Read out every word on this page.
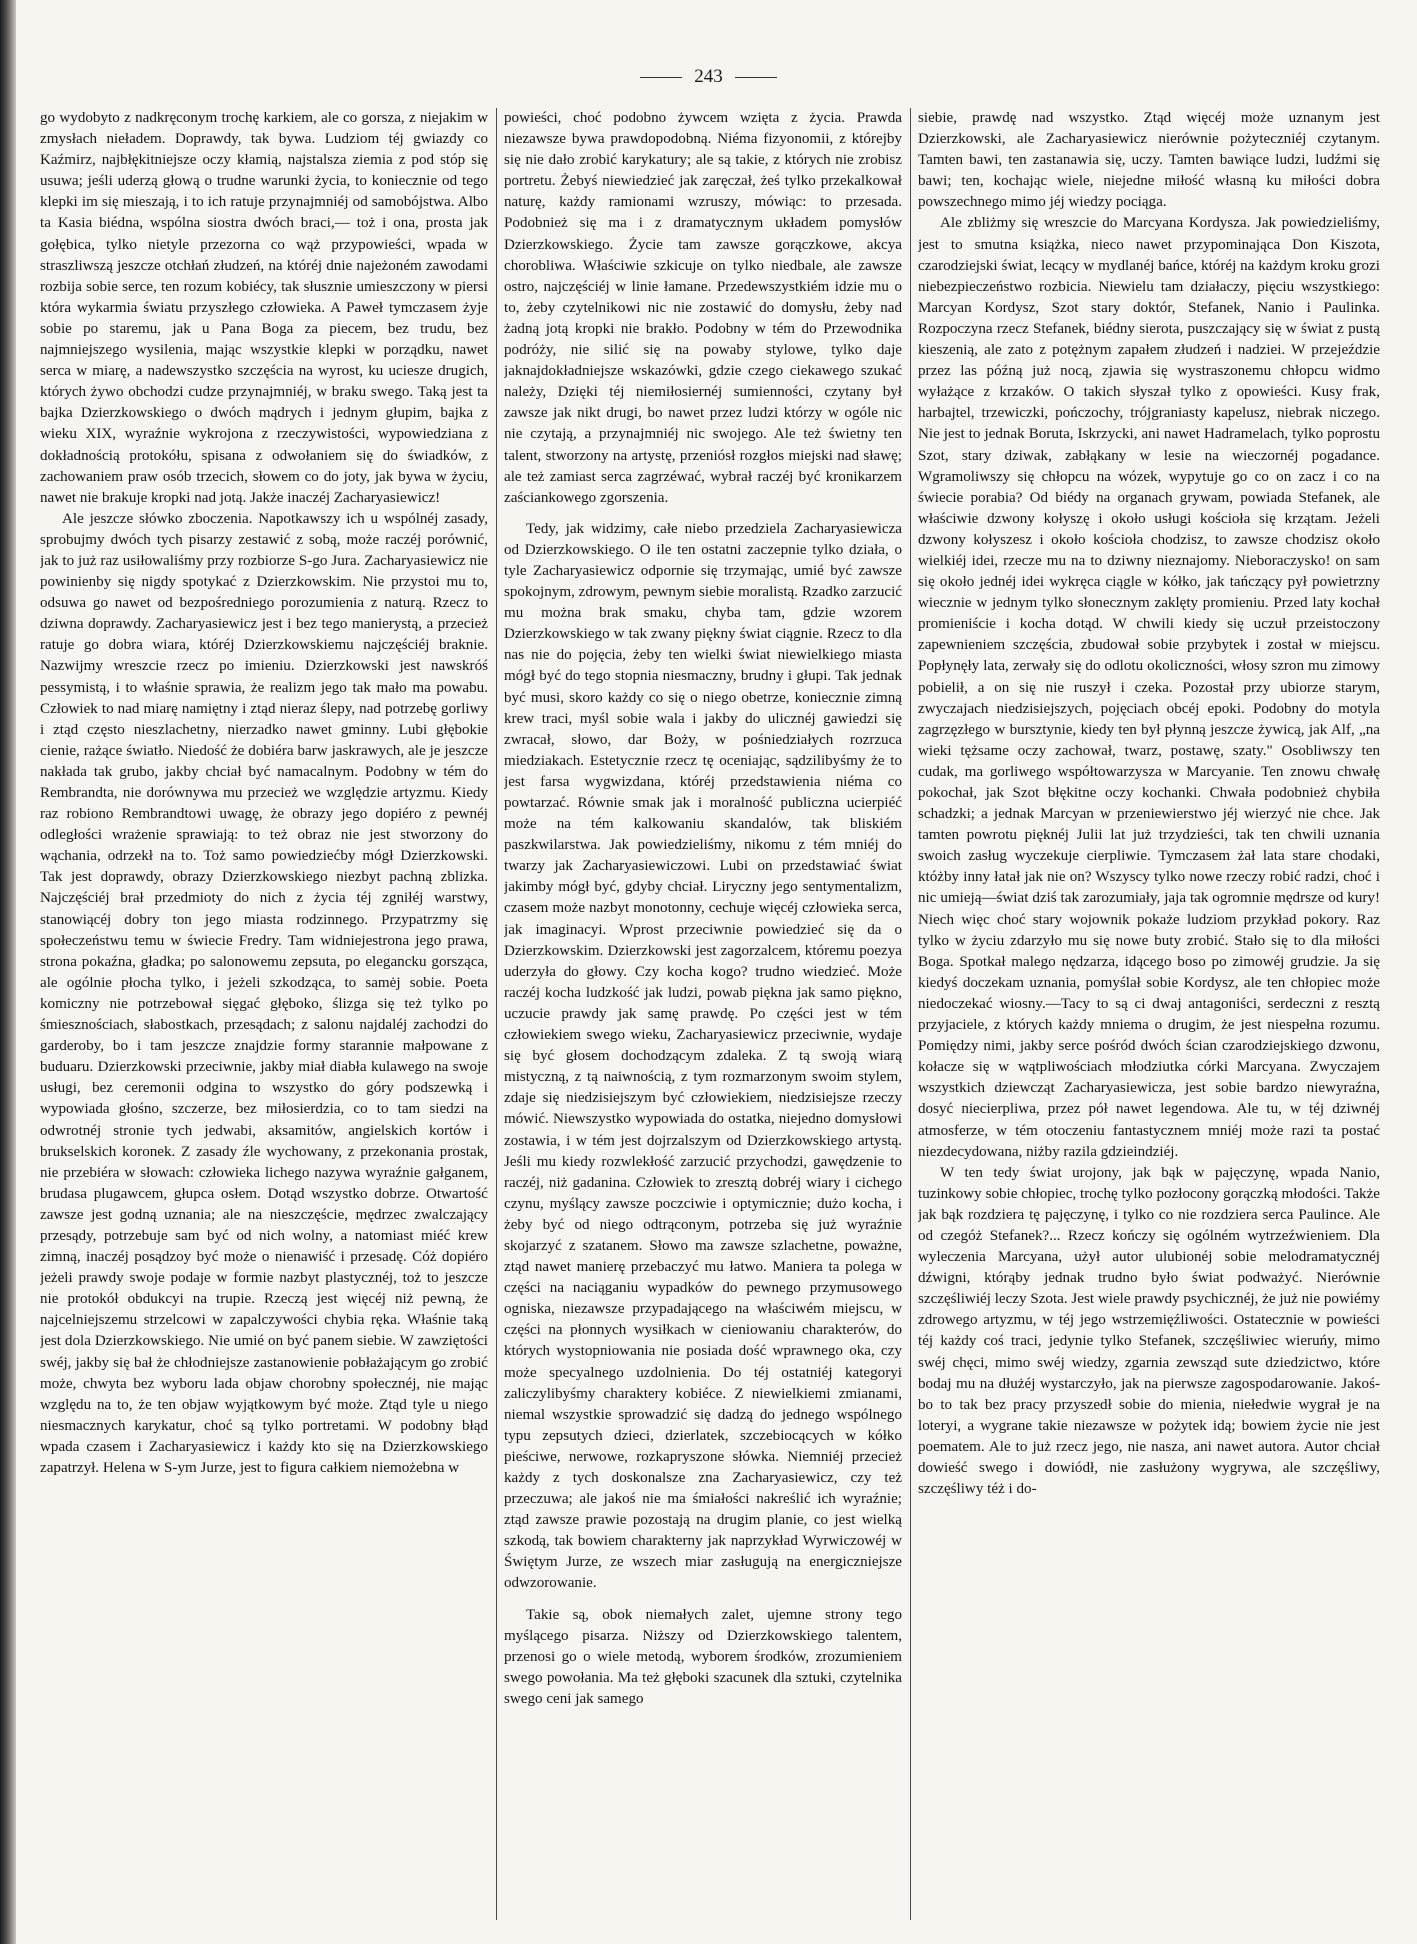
243

go wydobyto z nadkręconym trochę karkiem, ale co gorsza, z niejakim w zmysłach nieładem. Doprawdy, tak bywa. Ludziom téj gwiazdy co Kaźmirz, najbłękitniejsze oczy kłamią, najstalsza ziemia z pod stóp się usuwa; jeśli uderzą głową o trudne warunki życia, to koniecznie od tego klepki im się mieszają, i to ich ratuje przynajmniéj od samobójstwa. Albo ta Kasia biédna, wspólna siostra dwóch braci,— toż i ona, prosta jak gołębica, tylko nietyle przezorna co wąż przypowieści, wpada w straszliwszą jeszcze otchłań złudzeń, na któréj dnie najeżoném zawodami rozbija sobie serce, ten rozum kobiécy, tak słusznie umieszczony w piersi która wykarmia światu przyszłego człowieka. A Paweł tymczasem żyje sobie po staremu, jak u Pana Boga za piecem, bez trudu, bez najmniejszego wysilenia, mając wszystkie klepki w porządku, nawet serca w miarę, a nadewszystko szczęścia na wyrost, ku uciesze drugich, których żywo obchodzi cudze przynajmniéj, w braku swego. Taką jest ta bajka Dzierzkowskiego o dwóch mądrych i jednym głupim, bajka z wieku XIX, wyraźnie wykrojona z rzeczywistości, wypowiedziana z dokładnością protokółu, spisana z odwołaniem się do świadków, z zachowaniem praw osób trzecich, słowem co do joty, jak bywa w życiu, nawet nie brakuje kropki nad jotą. Jakże inaczéj Zacharyasiewicz!

Ale jeszcze słówko zboczenia. Napotkawszy ich u wspólnéj zasady, sprobujmy dwóch tych pisarzy zestawić z sobą, może raczéj porównić, jak to już raz usiłowaliśmy przy rozbiorze S-go Jura. Zacharyasiewicz nie powinienby się nigdy spotykać z Dzierzkowskim. Nie przystoi mu to, odsuwa go nawet od bezpośredniego porozumienia z naturą. Rzecz to dziwna doprawdy. Zacharyasiewicz jest i bez tego manierystą, a przecież ratuje go dobra wiara, któréj Dzierzkowskiemu najczęściéj braknie. Nazwijmy wreszcie rzecz po imieniu. Dzierzkowski jest nawskróś pessymistą, i to właśnie sprawia, że realizm jego tak mało ma powabu. Człowiek to nad miarę namiętny i ztąd nieraz ślepy, nad potrzebę gorliwy i ztąd często nieszlachetny, nierzadko nawet gminny. Lubi głębokie cienie, rażące światło. Niedość że dobiéra barw jaskrawych, ale je jeszcze nakłada tak grubo, jakby chciał być namacalnym. Podobny w tém do Rembrandta, nie dorównywa mu przecież we względzie artyzmu. Kiedy raz robiono Rembrandtowi uwagę, że obrazy jego dopiéro z pewnéj odległości wrażenie sprawiają: to też obraz nie jest stworzony do wąchania, odrzekł na to. Toż samo powiedziećby mógł Dzierzkowski. Tak jest doprawdy, obrazy Dzierzkowskiego niezbyt pachną zblizka. Najczęściéj brał przedmioty do nich z życia téj zgniłéj warstwy, stanowiącéj dobry ton jego miasta rodzinnego. Przypatrzmy się społeczeństwu temu w świecie Fredry. Tam widniejestrona jego prawa, strona pokaźna, gładka; po salonowemu zepsuta, po elegancku gorsząca, ale ogólnie płocha tylko, i jeżeli szkodząca, to samėj sobie. Poeta komiczny nie potrzebował sięgać głęboko, ślizga się też tylko po śmiesznościach, słabostkach, przesądach; z salonu najdaléj zachodzi do garderoby, bo i tam jeszcze znajdzie formy starannie małpowane z buduaru. Dzierzkowski przeciwnie, jakby miał diabła kulawego na swoje usługi, bez ceremonii odgina to wszystko do góry podszewką i wypowiada głośno, szczerze, bez miłosierdzia, co to tam siedzi na odwrotnéj stronie tych jedwabi, aksamitów, angielskich kortów i brukselskich koronek. Z zasady źle wychowany, z przekonania prostak, nie przebiéra w słowach: człowieka lichego nazywa wyraźnie gałganem, brudasa plugawcem, głupca osłem. Dotąd wszystko dobrze. Otwartość zawsze jest godną uznania; ale na nieszczęście, mędrzec zwalczający przesądy, potrzebuje sam być od nich wolny, a natomiast miéć krew zimną, inaczéj posądzoy być może o nienawiść i przesadę. Cóż dopiéro jeżeli prawdy swoje podaje w formie nazbyt plastycznéj, toż to jeszcze nie protokół obdukcyi na trupie. Rzeczą jest więcéj niż pewną, że najcelniejszemu strzelcowi w zapalczywości chybia ręka. Właśnie taką jest dola Dzierzkowskiego. Nie umié on być panem siebie. W zawziętości swéj, jakby się bał że chłodniejsze zastanowienie pobłażającym go zrobić może, chwyta bez wyboru lada objaw chorobny społecznéj, nie mając względu na to, że ten objaw wyjątkowym być może. Ztąd tyle u niego niesmacznych karykatur, choć są tylko portretami. W podobny błąd wpada czasem i Zacharyasiewicz i każdy kto się na Dzierzkowskiego zapatrzył. Helena w S-ym Jurze, jest to figura całkiem niemożebna w

powieści, choć podobno żywcem wzięta z życia. Prawda niezawsze bywa prawdopodobną. Niéma fizyonomii, z którejby się nie dało zrobić karykatury; ale są takie, z których nie zrobisz portretu. Żebyś niewiedzieć jak zaręczał, żeś tylko przekalkował naturę, każdy ramionami wzruszy, mówiąc: to przesada. Podobnież się ma i z dramatycznym układem pomysłów Dzierzkowskiego. Życie tam zawsze gorączkowe, akcya chorobliwa. Właściwie szkicuje on tylko niedbale, ale zawsze ostro, najczęściéj w linie łamane. Przedewszystkiém idzie mu o to, żeby czytelnikowi nic nie zostawić do domysłu, żeby nad żadną jotą kropki nie brakło. Podobny w tém do Przewodnika podróży, nie silić się na powaby stylowe, tylko daje jaknajdokładniejsze wskazówki, gdzie czego ciekawego szukać należy, Dzięki téj niemiłosiernéj sumienności, czytany był zawsze jak nikt drugi, bo nawet przez ludzi którzy w ogóle nic nie czytają, a przynajmniéj nic swojego. Ale też świetny ten talent, stworzony na artystę, przeniósł rozgłos miejski nad sławę; ale też zamiast serca zagrzéwać, wybrał raczéj być kronikarzem zaściankowego zgorszenia.

Tedy, jak widzimy, całe niebo przedziela Zacharyasiewicza od Dzierzkowskiego. O ile ten ostatni zaczepnie tylko działa, o tyle Zacharyasiewicz odpornie się trzymając, umié być zawsze spokojnym, zdrowym, pewnym siebie moralistą. Rzadko zarzucić mu można brak smaku, chyba tam, gdzie wzorem Dzierzkowskiego w tak zwany piękny świat ciągnie. Rzecz to dla nas nie do pojęcia, żeby ten wielki świat niewielkiego miasta mógł być do tego stopnia niesmaczny, brudny i głupi. Tak jednak być musi, skoro każdy co się o niego obetrze, koniecznie zimną krew traci, myśl sobie wala i jakby do ulicznéj gawiedzi się zwracał, słowo, dar Boży, w pośniedziałych rozrzuca miedziakach. Estetycznie rzecz tę oceniając, sądzilibyśmy że to jest farsa wygwizdana, któréj przedstawienia niéma co powtarzać. Równie smak jak i moralność publiczna ucierpiéć może na tém kalkowaniu skandalów, tak bliskiém paszkwilarstwa. Jak powiedzieliśmy, nikomu z tém mniéj do twarzy jak Zacharyasiewiczowi. Lubi on przedstawiać świat jakimby mógł być, gdyby chciał. Liryczny jego sentymentalizm, czasem może nazbyt monotonny, cechuje więcéj człowieka serca, jak imaginacyi. Wprost przeciwnie powiedzieć się da o Dzierzkowskim. Dzierzkowski jest zagorzalcem, któremu poezya uderzyła do głowy. Czy kocha kogo? trudno wiedzieć. Może raczéj kocha ludzkość jak ludzi, powab piękna jak samo piękno, uczucie prawdy jak samę prawdę. Po części jest w tém człowiekiem swego wieku, Zacharyasiewicz przeciwnie, wydaje się być głosem dochodzącym zdaleka. Z tą swoją wiarą mistyczną, z tą naiwnością, z tym rozmarzonym swoim stylem, zdaje się niedzisiejszym być człowiekiem, niedzisiejsze rzeczy mówić. Niewszystko wypowiada do ostatka, niejedno domysłowi zostawia, i w tém jest dojrzalszym od Dzierzkowskiego artystą. Jeśli mu kiedy rozwlekłość zarzucić przychodzi, gawędzenie to raczéj, niż gadanina. Człowiek to zresztą dobréj wiary i cichego czynu, myślący zawsze poczciwie i optymicznie; dużo kocha, i żeby być od niego odtrąconym, potrzeba się już wyraźnie skojarzyć z szatanem. Słowo ma zawsze szlachetne, poważne, ztąd nawet manierę przebaczyć mu łatwo. Maniera ta polega w części na naciąganiu wypadków do pewnego przymusowego ogniska, niezawsze przypadającego na właściwém miejscu, w części na płonnych wysiłkach w cieniowaniu charakterów, do których wystopniowania nie posiada dość wprawnego oka, czy może specyalnego uzdolnienia. Do téj ostatniéj kategoryi zaliczylibyśmy charaktery kobiéce. Z niewielkiemi zmianami, niemal wszystkie sprowadzić się dadzą do jednego wspólnego typu zepsutych dzieci, dzierlatek, szczebiocących w kółko pieściwe, nerwowe, rozkapryszone słówka. Niemniéj przecież każdy z tych doskonalsze zna Zacharyasiewicz, czy też przeczuwa; ale jakoś nie ma śmiałości nakreślić ich wyraźnie; ztąd zawsze prawie pozostają na drugim planie, co jest wielką szkodą, tak bowiem charakterny jak naprzykład Wyrwiczowéj w Świętym Jurze, ze wszech miar zasługują na energiczniejsze odwzorowanie.

Takie są, obok niemałych zalet, ujemne strony tego myślącego pisarza. Niższy od Dzierzkowskiego talentem, przenosi go o wiele metodą, wyborem środków, zrozumieniem swego powołania. Ma też głęboki szacunek dla sztuki, czytelnika swego ceni jak samego

siebie, prawdę nad wszystko. Ztąd więcéj może uznanym jest Dzierzkowski, ale Zacharyasiewicz nierównie pożyteczniéj czytanym. Tamten bawi, ten zastanawia się, uczy. Tamten bawiące ludzi, ludźmi się bawi; ten, kochając wiele, niejedne miłość własną ku miłości dobra powszechnego mimo jéj wiedzy pociąga.

Ale zbliżmy się wreszcie do Marcyana Kordysza. Jak powiedzieliśmy, jest to smutna książka, nieco nawet przypominająca Don Kiszota, czarodziejski świat, lecący w mydlanéj bańce, któréj na każdym kroku grozi niebezpieczeństwo rozbicia. Niewielu tam działaczy, pięciu wszystkiego: Marcyan Kordysz, Szot stary doktór, Stefanek, Nanio i Paulinka. Rozpoczyna rzecz Stefanek, biédny sierota, puszczający się w świat z pustą kieszenią, ale zato z potężnym zapałem złudzeń i nadziei. W przejeździe przez las późną już nocą, zjawia się wystraszonemu chłopcu widmo wyłażące z krzaków. O takich słyszał tylko z opowieści. Kusy frak, harbajtel, trzewiczki, pończochy, trójgraniasty kapelusz, niebrak niczego. Nie jest to jednak Boruta, Iskrzycki, ani nawet Hadramelach, tylko poprostu Szot, stary dziwak, zabłąkany w lesie na wieczornéj pogadance. Wgramoliwszy się chłopcu na wózek, wypytuje go co on zacz i co na świecie porabia? Od biédy na organach grywam, powiada Stefanek, ale właściwie dzwony kołyszę i około usługi kościoła się krzątam. Jeżeli dzwony kołyszesz i około kościoła chodzisz, to zawsze chodzisz około wielkiéj idei, rzecze mu na to dziwny nieznajomy. Nieboraczysko! on sam się około jednéj idei wykręca ciągle w kółko, jak tańczący pył powietrzny wiecznie w jednym tylko słonecznym zaklęty promieniu. Przed laty kochał promieniście i kocha dotąd. W chwili kiedy się uczuł przeistoczony zapewnieniem szczęścia, zbudował sobie przybytek i został w miejscu. Popłynęły lata, zerwały się do odlotu okoliczności, włosy szron mu zimowy pobielił, a on się nie ruszył i czeka. Pozostał przy ubiorze starym, zwyczajach niedzisiejszych, pojęciach obcéj epoki. Podobny do motyla zagrzęzłego w bursztynie, kiedy ten był płynną jeszcze żywicą, jak Alf, „na wieki tężsame oczy zachował, twarz, postawę, szaty." Osobliwszy ten cudak, ma gorliwego współtowarzysza w Marcyanie. Ten znowu chwałę pokochał, jak Szot błękitne oczy kochanki. Chwała podobnież chybiła schadzki; a jednak Marcyan w przeniewierstwo jéj wierzyć nie chce. Jak tamten powrotu pięknéj Julii lat już trzydzieści, tak ten chwili uznania swoich zasług wyczekuje cierpliwie. Tymczasem żał lata stare chodaki, któżby inny łatał jak nie on? Wszyscy tylko nowe rzeczy robić radzi, choć i nic umieją—świat dziś tak zarozumiały, jaja tak ogromnie mędrsze od kury! Niech więc choć stary wojownik pokaże ludziom przykład pokory. Raz tylko w życiu zdarzyło mu się nowe buty zrobić. Stało się to dla miłości Boga. Spotkał malego nędzarza, idącego boso po zimowéj grudzie. Ja się kiedyś doczekam uznania, pomyślał sobie Kordysz, ale ten chłopiec może niedoczekać wiosny.—Tacy to są ci dwaj antagoniści, serdeczni z resztą przyjaciele, z których każdy mniema o drugim, że jest niespełna rozumu. Pomiędzy nimi, jakby serce pośród dwóch ścian czarodziejskiego dzwonu, kołacze się w wątpliwościach młodziutka córki Marcyana. Zwyczajem wszystkich dziewcząt Zacharyasiewicza, jest sobie bardzo niewyraźna, dosyć niecierpliwa, przez pół nawet legendowa. Ale tu, w téj dziwnéj atmosferze, w tém otoczeniu fantastycznem mniéj może razi ta postać niezdecydowana, niżby razila gdzieindziéj.

W ten tedy świat urojony, jak bąk w pajęczynę, wpada Nanio, tuzinkowy sobie chłopiec, trochę tylko pozłocony gorączką młodości. Także jak bąk rozdziera tę pajęczynę, i tylko co nie rozdziera serca Paulince. Ale od czegóż Stefanek?... Rzecz kończy się ogólném wytrzeźwieniem. Dla wyleczenia Marcyana, użył autor ulubionéj sobie melodramatycznéj dźwigni, którąby jednak trudno było świat podważyć. Nierównie szczęśliwiéj leczy Szota. Jest wiele prawdy psychicznéj, że już nie powiémy zdrowego artyzmu, w téj jego wstrzemięźliwości. Ostatecznie w powieści téj każdy coś traci, jedynie tylko Stefanek, szczęśliwiec wieruńy, mimo swéj chęci, mimo swéj wiedzy, zgarnia zewsząd ​sute dziedzictwo, które bodaj mu na dłużéj wystarczyło, jak na pierwsze zagospodarowanie. Jakoś-bo to tak bez pracy przyszedł sobie do mienia, niełedwie wygrał je na loteryi, a wygrane takie niezawsze w pożytek idą; bowiem życie nie jest poematem. Ale to już rzecz jego, nie nasza, ani nawet autora. Autor chciał dowieść swego i dowiódł, nie zasłużony wygrywa, ale szczęśliwy, szczęśliwy téż i do-
